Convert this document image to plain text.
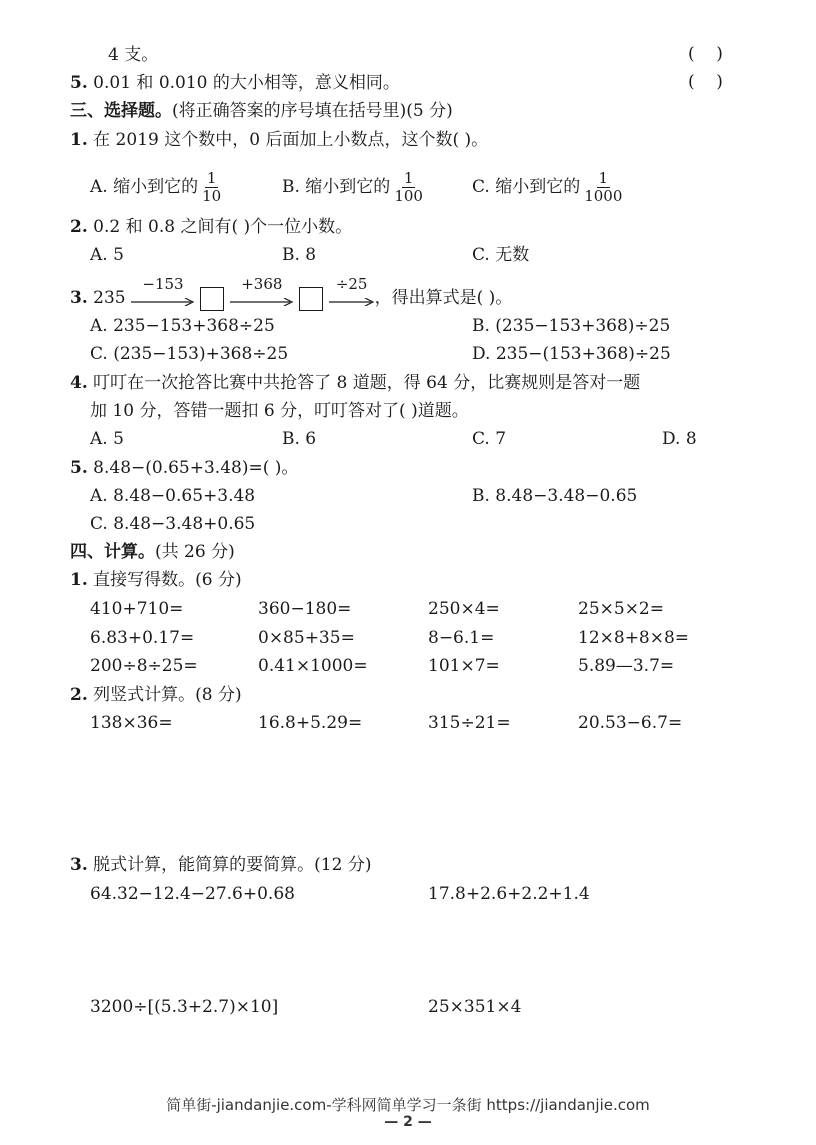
4 支。	(    )
5. 0.01 和 0.010 的大小相等，意义相同。	(    )
三、选择题。(将正确答案的序号填在括号里)(5 分)
1. 在 2019 这个数中，0 后面加上小数点，这个数( )。
A. 缩小到它的 $\frac{1}{10}$	B. 缩小到它的 $\frac{1}{100}$	C. 缩小到它的 $\frac{1}{1000}$
2. 0.2 和 0.8 之间有( )个一位小数。
A. 5	B. 8	C. 无数
3. 235
−153
	+368
	÷25
，得出算式是( )。
A. 235−153+368÷25	B. (235−153+368)÷25
C. (235−153)+368÷25	D. 235−(153+368)÷25
4. 叮叮在一次抢答比赛中共抢答了 8 道题，得 64 分，比赛规则是答对一题
加 10 分，答错一题扣 6 分，叮叮答对了( )道题。
A. 5	B. 6	C. 7	D. 8
5. 8.48−(0.65+3.48)=( )。
A. 8.48−0.65+3.48	B. 8.48−3.48−0.65
C. 8.48−3.48+0.65
四、计算。(共 26 分)
1. 直接写得数。(6 分)
410+710=	360−180=	250×4=	25×5×2=
6.83+0.17=	0×85+35=	8−6.1=	12×8+8×8=
200÷8÷25=	0.41×1000=	101×7=	5.89—3.7=
2. 列竖式计算。(8 分)
138×36=	16.8+5.29=	315÷21=	20.53−6.7=
3. 脱式计算，能简算的要简算。(12 分)
64.32−12.4−27.6+0.68	17.8+2.6+2.2+1.4
3200÷[(5.3+2.7)×10]	25×351×4
简单街-jiandanjie.com-学科网简单学习一条街 https://jiandanjie.com
— 2 —
